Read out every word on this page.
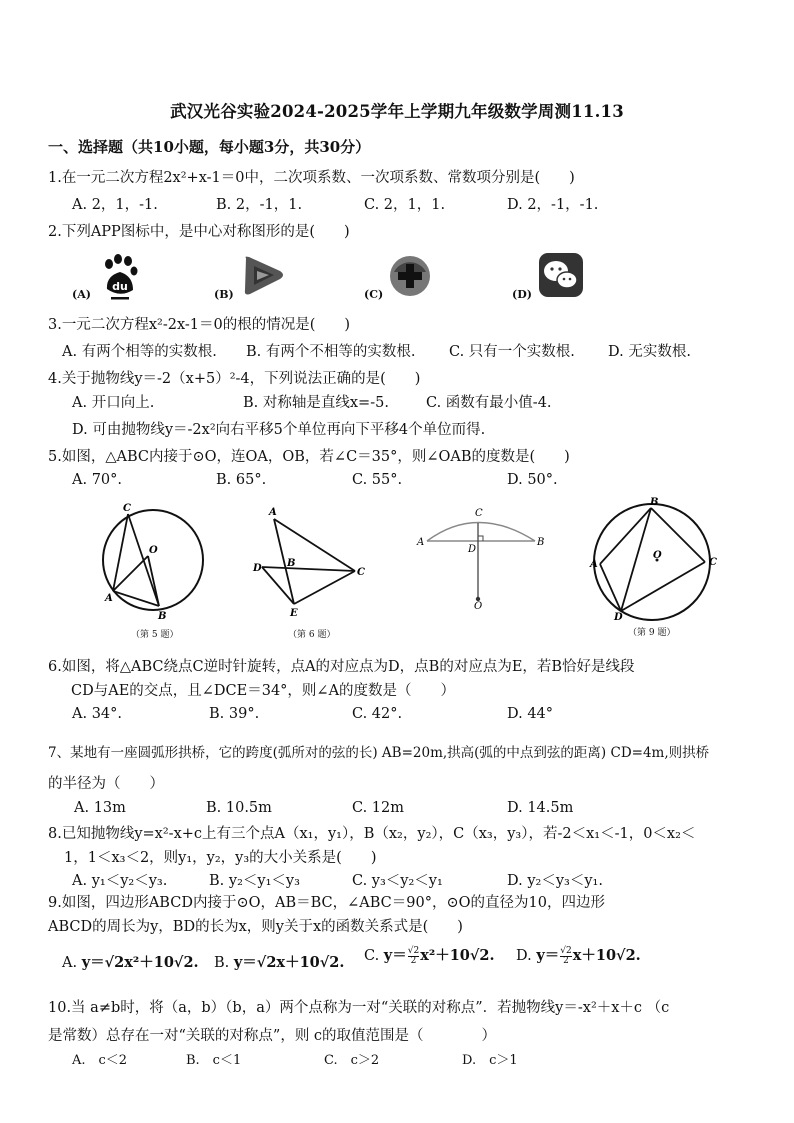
武汉光谷实验2024-2025学年上学期九年级数学周测11.13
一、选择题（共10小题，每小题3分，共30分）
1.在一元二次方程2x²+x-1＝0中，二次项系数、一次项系数、常数项分别是(　　)
A. 2，1，-1.	B. 2，-1，1.	C. 2，1，1.	D. 2，-1，-1.
2.下列APP图标中，是中心对称图形的是(　　)
du
(A)	(B)	(C)	(D)
3.一元二次方程x²-2x-1＝0的根的情况是(　　)
A. 有两个相等的实数根. B. 有两个不相等的实数根. C. 只有一个实数根. D. 无实数根.
4.关于抛物线y＝-2（x+5）²-4，下列说法正确的是(　　)
A. 开口向上.	B. 对称轴是直线x=-5.	C. 函数有最小值-4.
D. 可由抛物线y＝-2x²向右平移5个单位再向下平移4个单位而得.
5.如图，△ABC内接于⊙O，连OA，OB，若∠C＝35°，则∠OAB的度数是(　　)
A. 70°.	B. 65°.	C. 55°.	D. 50°.
C
O
A
B
（第 5 题）
A
D	B
C
E
（第 6 题）
C
A
D
B
O
B
O
A	C
D
（第 9 题）
6.如图，将△ABC绕点C逆时针旋转，点A的对应点为D，点B的对应点为E，若B恰好是线段
CD与AE的交点，且∠DCE＝34°，则∠A的度数是（　　）
A. 34°.	B. 39°.	C. 42°.	D. 44°
7、某地有一座圆弧形拱桥，它的跨度(弧所对的弦的长) AB=20m,拱高(弧的中点到弦的距离) CD=4m,则拱桥
的半径为（　　）
A. 13m	B. 10.5m	C. 12m	D. 14.5m
8.已知抛物线y=x²-x+c上有三个点A（x₁，y₁），B（x₂，y₂），C（x₃，y₃），若-2＜x₁＜-1，0＜x₂＜
1，1＜x₃＜2，则y₁，y₂，y₃的大小关系是(　　)
A. y₁＜y₂＜y₃.	B. y₂＜y₁＜y₃	C. y₃＜y₂＜y₁	D. y₂＜y₃＜y₁.
9.如图，四边形ABCD内接于⊙O，AB＝BC，∠ABC＝90°，⊙O的直径为10，四边形
ABCD的周长为y，BD的长为x，则y关于x的函数关系式是(　　)
A. y＝√2x²＋10√2. B. y＝√2x＋10√2. C. $y= \frac{√2}{2} x^2+10√2$. D. $y= \frac{√2}{2} x+10√2$.
10.当 a≠b时，将（a，b）（b，a）两个点称为一对“关联的对称点”．若抛物线y＝-x²＋x＋c （c
是常数）总存在一对“关联的对称点”，则 c的取值范围是（　　　　）
A.　c＜2	B.　c＜1	C.　c＞2	D.　c＞1
